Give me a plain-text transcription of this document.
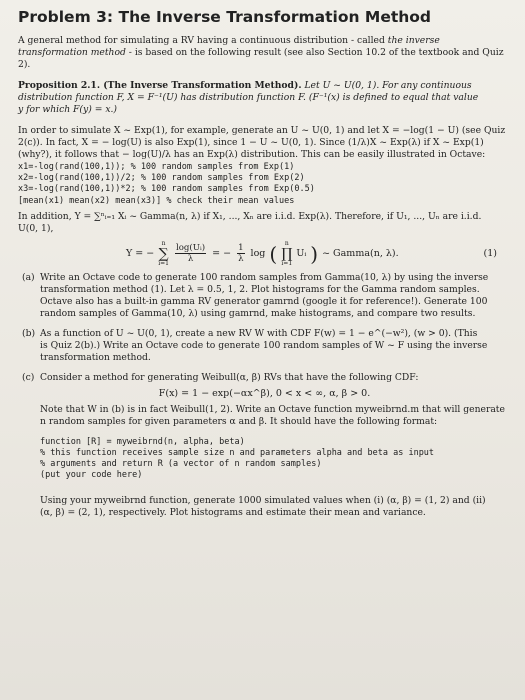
Problem 3: The Inverse Transformation Method

A general method for simulating a RV having a continuous distribution - called the inverse transformation method - is based on the following result (see also Section 10.2 of the textbook and Quiz 2).

Proposition 2.1. (The Inverse Transformation Method). Let U ~ U(0, 1). For any continuous

distribution function F, X = F⁻¹(U) has distribution function F. (F⁻¹(x) is defined to equal that value

y for which F(y) = x.)

In order to simulate X ~ Exp(1), for example, generate an U ~ U(0, 1) and let X = −log(1 − U) (see Quiz

2(c)). In fact, X = − log(U) is also Exp(1), since 1 − U ~ U(0, 1). Since (1/λ)X ~ Exp(λ) if X ~ Exp(1)

(why?), it follows that − log(U)/λ has an Exp(λ) distribution. This can be easily illustrated in Octave:

x1=-log(rand(100,1)); % 100 random samples from Exp(1)
x2=-log(rand(100,1))/2; % 100 random samples from Exp(2)
x3=-log(rand(100,1))*2; % 100 random samples from Exp(0.5)
[mean(x1) mean(x2) mean(x3)] % check their mean values

In addition, Y = ∑ⁿᵢ₌₁ Xᵢ ~ Gamma(n, λ) if X₁, ..., Xₙ are i.i.d. Exp(λ). Therefore, if U₁, ..., Uₙ are i.i.d.

U(0, 1),

Y = −
n
∑
$i=1 \frac{\text{log(Uᵢ)}}{\lambda}$ = − $\frac{1}{\lambda}$ log ( n
∏
i=1
Uᵢ ) ~ Gamma(n, λ).	(1)
(a) Write an Octave code to generate 100 random samples from Gamma(10, λ) by using the inverse

transformation method (1). Let λ = 0.5, 1, 2. Plot histograms for the Gamma random samples.

Octave also has a built-in gamma RV generator gamrnd (google it for reference!). Generate 100

random samples of Gamma(10, λ) using gamrnd, make histograms, and compare two results.

(b) As a function of U ~ U(0, 1), create a new RV W with CDF F(w) = 1 − e^(−w²), (w > 0). (This

is Quiz 2(b).) Write an Octave code to generate 100 random samples of W ~ F using the inverse

transformation method.

(c) Consider a method for generating Weibull(α, β) RVs that have the following CDF:

F(x) = 1 − exp(−αx^β), 0 < x < ∞, α, β > 0.

Note that W in (b) is in fact Weibull(1, 2). Write an Octave function myweibrnd.m that will generate

n random samples for given parameters α and β. It should have the following format:

function [R] = myweibrnd(n, alpha, beta)
% this function receives sample size n and parameters alpha and beta as input
% arguments and return R (a vector of n random samples)
(put your code here)

Using your myweibrnd function, generate 1000 simulated values when (i) (α, β) = (1, 2) and (ii)

(α, β) = (2, 1), respectively. Plot histograms and estimate their mean and variance.
